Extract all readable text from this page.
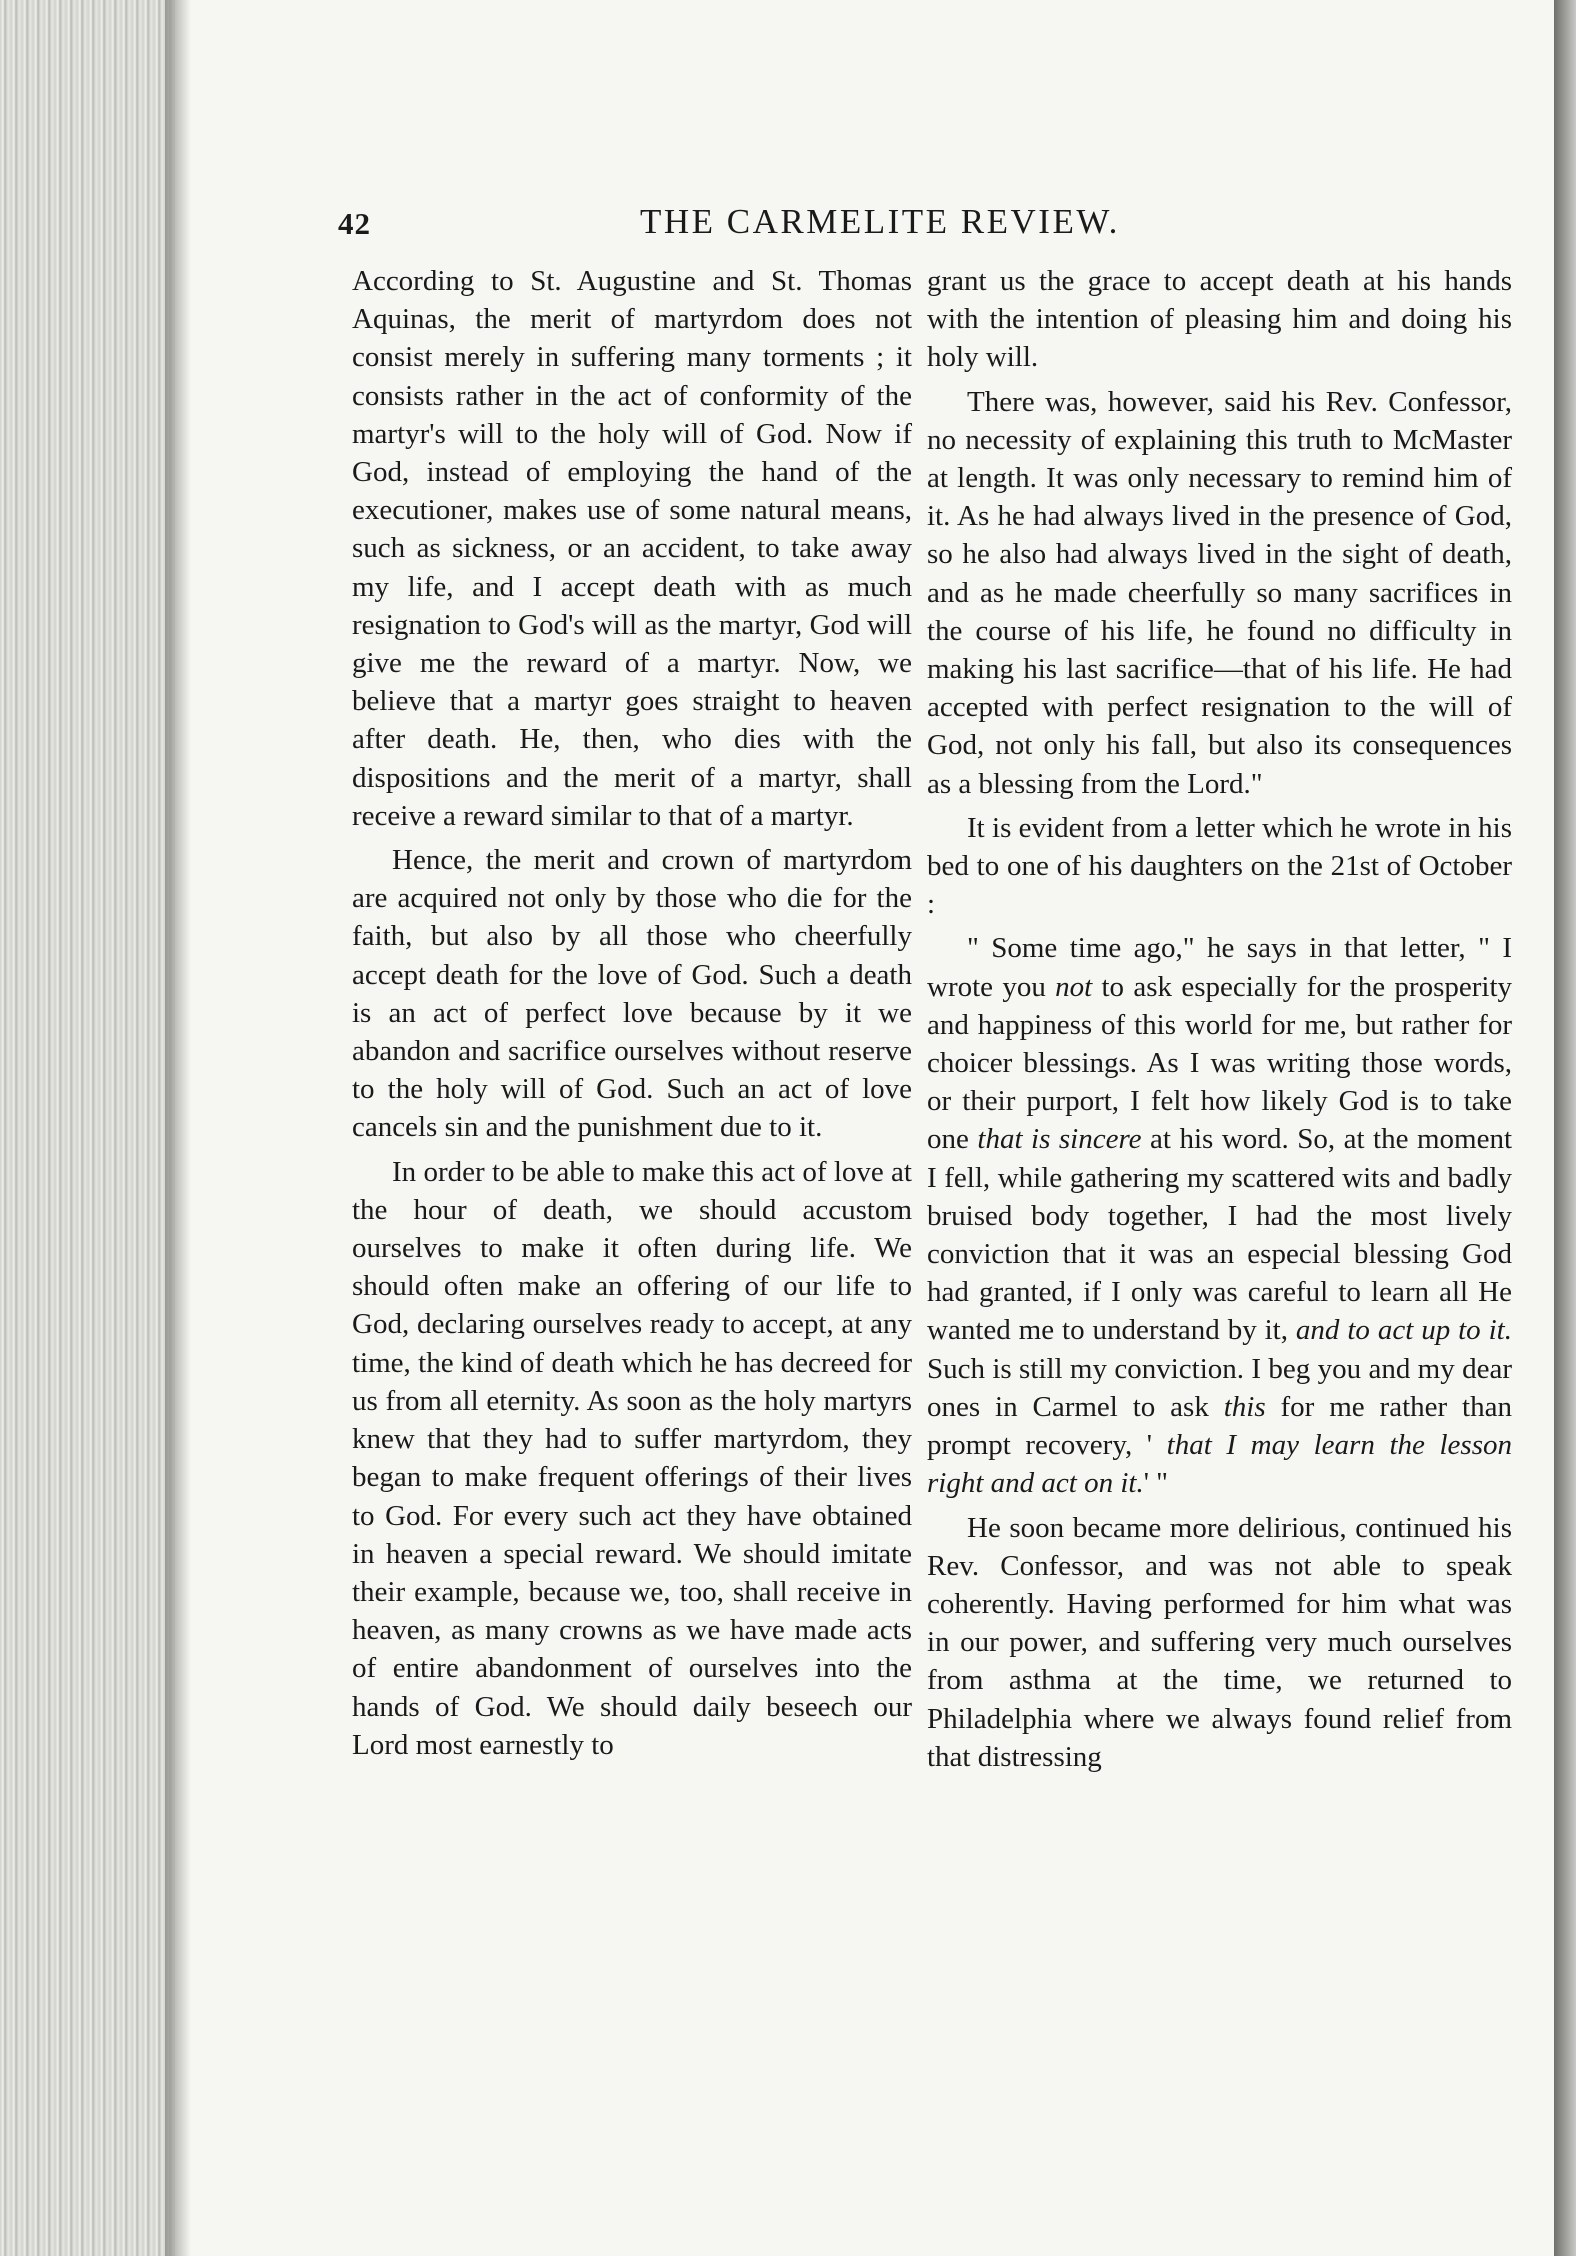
42	THE CARMELITE REVIEW.

According to St. Augustine and St. Thomas Aquinas, the merit of martyrdom does not consist merely in suffering many torments ; it consists rather in the act of conformity of the martyr's will to the holy will of God. Now if God, instead of employing the hand of the executioner, makes use of some natural means, such as sickness, or an accident, to take away my life, and I accept death with as much resignation to God's will as the martyr, God will give me the reward of a martyr. Now, we believe that a martyr goes straight to heaven after death. He, then, who dies with the dispositions and the merit of a martyr, shall receive a reward similar to that of a martyr.

Hence, the merit and crown of martyrdom are acquired not only by those who die for the faith, but also by all those who cheerfully accept death for the love of God. Such a death is an act of perfect love because by it we abandon and sacrifice ourselves without reserve to the holy will of God. Such an act of love cancels sin and the punishment due to it.

In order to be able to make this act of love at the hour of death, we should accustom ourselves to make it often during life. We should often make an offering of our life to God, declaring ourselves ready to accept, at any time, the kind of death which he has decreed for us from all eternity. As soon as the holy martyrs knew that they had to suffer martyrdom, they began to make frequent offerings of their lives to God. For every such act they have obtained in heaven a special reward. We should imitate their example, because we, too, shall receive in heaven, as many crowns as we have made acts of entire abandonment of ourselves into the hands of God. We should daily beseech our Lord most earnestly to

grant us the grace to accept death at his hands with the intention of pleasing him and doing his holy will.

There was, however, said his Rev. Confessor, no necessity of explaining this truth to McMaster at length. It was only necessary to remind him of it. As he had always lived in the presence of God, so he also had always lived in the sight of death, and as he made cheerfully so many sacrifices in the course of his life, he found no difficulty in making his last sacrifice—that of his life. He had accepted with perfect resignation to the will of God, not only his fall, but also its consequences as a blessing from the Lord."

It is evident from a letter which he wrote in his bed to one of his daughters on the 21st of October :

" Some time ago," he says in that letter, " I wrote you not to ask especially for the prosperity and happiness of this world for me, but rather for choicer blessings. As I was writing those words, or their purport, I felt how likely God is to take one that is sincere at his word. So, at the moment I fell, while gathering my scattered wits and badly bruised body together, I had the most lively conviction that it was an especial blessing God had granted, if I only was careful to learn all He wanted me to understand by it, and to act up to it. Such is still my conviction. I beg you and my dear ones in Carmel to ask this for me rather than prompt recovery, ' that I may learn the lesson right and act on it.' "

He soon became more delirious, continued his Rev. Confessor, and was not able to speak coherently. Having performed for him what was in our power, and suffering very much ourselves from asthma at the time, we returned to Philadelphia where we always found relief from that distressing
